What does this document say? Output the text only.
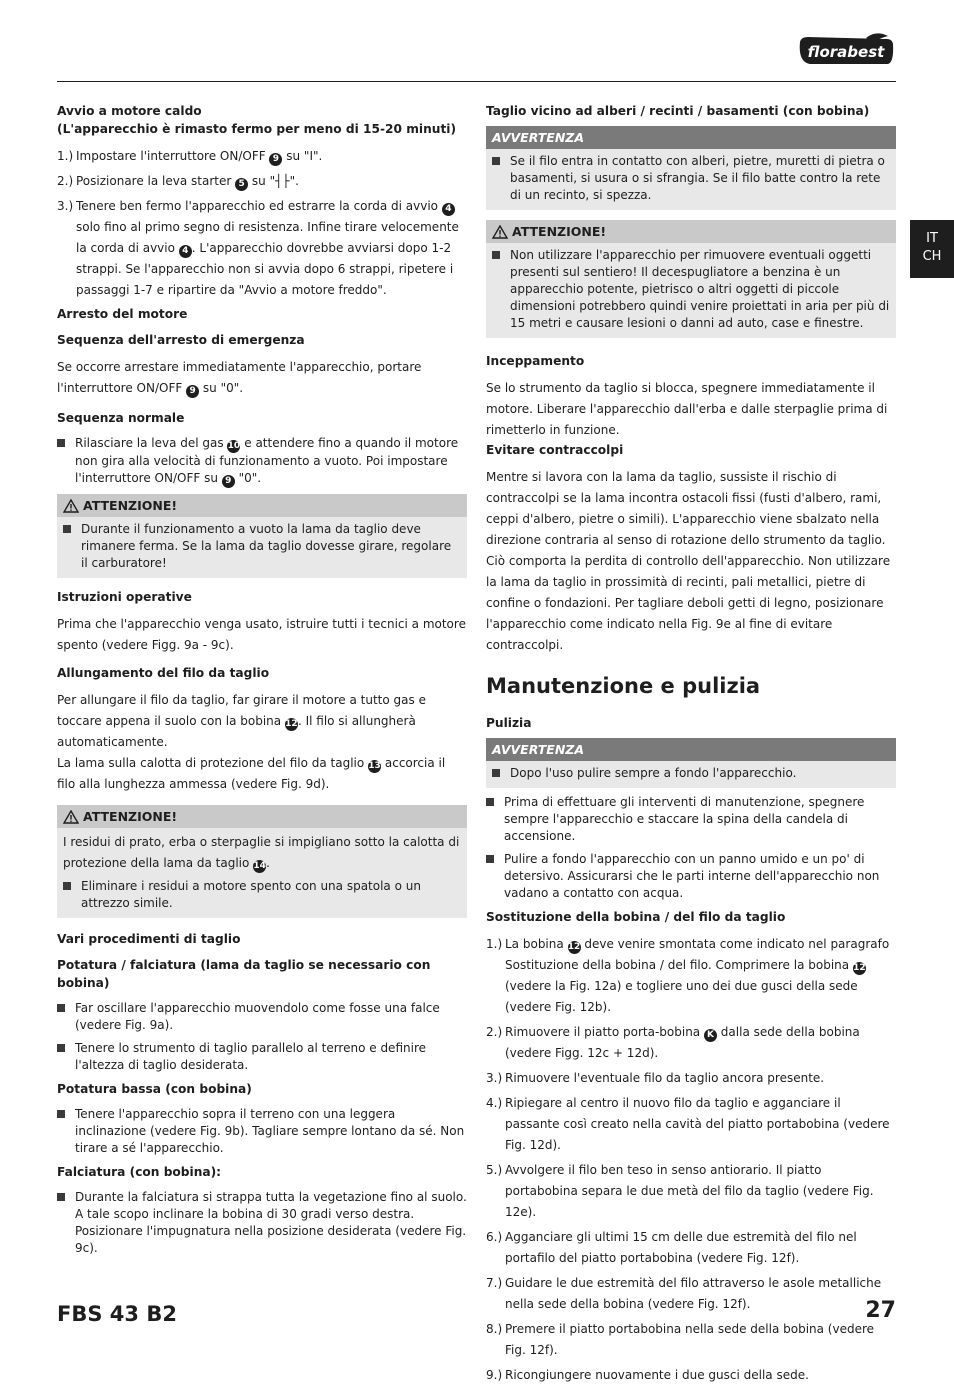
florabest
IT
CH
Avvio a motore caldo
(L'apparecchio è rimasto fermo per meno di 15-20 minuti)
1.) Impostare l'interruttore ON/OFF 9 su "I".
2.) Posizionare la leva starter 5 su "┤├".
3.) Tenere ben fermo l'apparecchio ed estrarre la corda di avvio 4 solo fino al primo segno di resistenza. Infine tirare velocemente la corda di avvio 4 . L'apparecchio dovrebbe avviarsi dopo 1-2 strappi. Se l'apparecchio non si avvia dopo 6 strappi, ripetere i passaggi 1-7 e ripartire da "Avvio a motore freddo".
Arresto del motore
Sequenza dell'arresto di emergenza
Se occorre arrestare immediatamente l'apparecchio, portare l'interruttore ON/OFF 9 su "0".
Sequenza normale
Rilasciare la leva del gas 10 e attendere fino a quando il motore non gira alla velocità di funzionamento a vuoto. Poi impostare l'interruttore ON/OFF su 9 "0".
ATTENZIONE!
Durante il funzionamento a vuoto la lama da taglio deve rimanere ferma. Se la lama da taglio dovesse girare, regolare il carburatore!
Istruzioni operative
Prima che l'apparecchio venga usato, istruire tutti i tecnici a motore spento (vedere Figg. 9a - 9c).
Allungamento del filo da taglio
Per allungare il filo da taglio, far girare il motore a tutto gas e toccare appena il suolo con la bobina 12. Il filo si allungherà automaticamente.
La lama sulla calotta di protezione del filo da taglio 13 accorcia il filo alla lunghezza ammessa (vedere Fig. 9d).
ATTENZIONE!
I residui di prato, erba o sterpaglie si impigliano sotto la calotta di protezione della lama da taglio 14.
Eliminare i residui a motore spento con una spatola o un attrezzo simile.
Vari procedimenti di taglio
Potatura / falciatura (lama da taglio se necessario con bobina)
Far oscillare l'apparecchio muovendolo come fosse una falce (vedere Fig. 9a).
Tenere lo strumento di taglio parallelo al terreno e definire l'altezza di taglio desiderata.
Potatura bassa (con bobina)
Tenere l'apparecchio sopra il terreno con una leggera inclinazione (vedere Fig. 9b). Tagliare sempre lontano da sé. Non tirare a sé l'apparecchio.
Falciatura (con bobina):
Durante la falciatura si strappa tutta la vegetazione fino al suolo. A tale scopo inclinare la bobina di 30 gradi verso destra. Posizionare l'impugnatura nella posizione desiderata (vedere Fig. 9c).
Taglio vicino ad alberi / recinti / basamenti (con bobina)
AVVERTENZA
Se il filo entra in contatto con alberi, pietre, muretti di pietra o basamenti, si usura o si sfrangia. Se il filo batte contro la rete di un recinto, si spezza.
ATTENZIONE!
Non utilizzare l'apparecchio per rimuovere eventuali oggetti presenti sul sentiero! Il decespugliatore a benzina è un apparecchio potente, pietrisco o altri oggetti di piccole dimensioni potrebbero quindi venire proiettati in aria per più di 15 metri e causare lesioni o danni ad auto, case e finestre.
Inceppamento
Se lo strumento da taglio si blocca, spegnere immediatamente il motore. Liberare l'apparecchio dall'erba e dalle sterpaglie prima di rimetterlo in funzione.
Evitare contraccolpi
Mentre si lavora con la lama da taglio, sussiste il rischio di contraccolpi se la lama incontra ostacoli fissi (fusti d'albero, rami, ceppi d'albero, pietre o simili). L'apparecchio viene sbalzato nella direzione contraria al senso di rotazione dello strumento da taglio. Ciò comporta la perdita di controllo dell'apparecchio. Non utilizzare la lama da taglio in prossimità di recinti, pali metallici, pietre di confine o fondazioni. Per tagliare deboli getti di legno, posizionare l'apparecchio come indicato nella Fig. 9e al fine di evitare contraccolpi.
Manutenzione e pulizia
Pulizia
AVVERTENZA
Dopo l'uso pulire sempre a fondo l'apparecchio.
Prima di effettuare gli interventi di manutenzione, spegnere sempre l'apparecchio e staccare la spina della candela di accensione.
Pulire a fondo l'apparecchio con un panno umido e un po' di detersivo. Assicurarsi che le parti interne dell'apparecchio non vadano a contatto con acqua.
Sostituzione della bobina / del filo da taglio
1.) La bobina 12 deve venire smontata come indicato nel paragrafo Sostituzione della bobina / del filo. Comprimere la bobina 12 (vedere la Fig. 12a) e togliere uno dei due gusci della sede (vedere Fig. 12b).
2.) Rimuovere il piatto porta-bobina K dalla sede della bobina (vedere Figg. 12c + 12d).
3.) Rimuovere l'eventuale filo da taglio ancora presente.
4.) Ripiegare al centro il nuovo filo da taglio e agganciare il passante così creato nella cavità del piatto portabobina (vedere Fig. 12d).
5.) Avvolgere il filo ben teso in senso antiorario. Il piatto portabobina separa le due metà del filo da taglio (vedere Fig. 12e).
6.) Agganciare gli ultimi 15 cm delle due estremità del filo nel portafilo del piatto portabobina (vedere Fig. 12f).
7.) Guidare le due estremità del filo attraverso le asole metalliche nella sede della bobina (vedere Fig. 12f).
8.) Premere il piatto portabobina nella sede della bobina (vedere Fig. 12f).
9.) Ricongiungere nuovamente i due gusci della sede.
FBS 43 B2	27
